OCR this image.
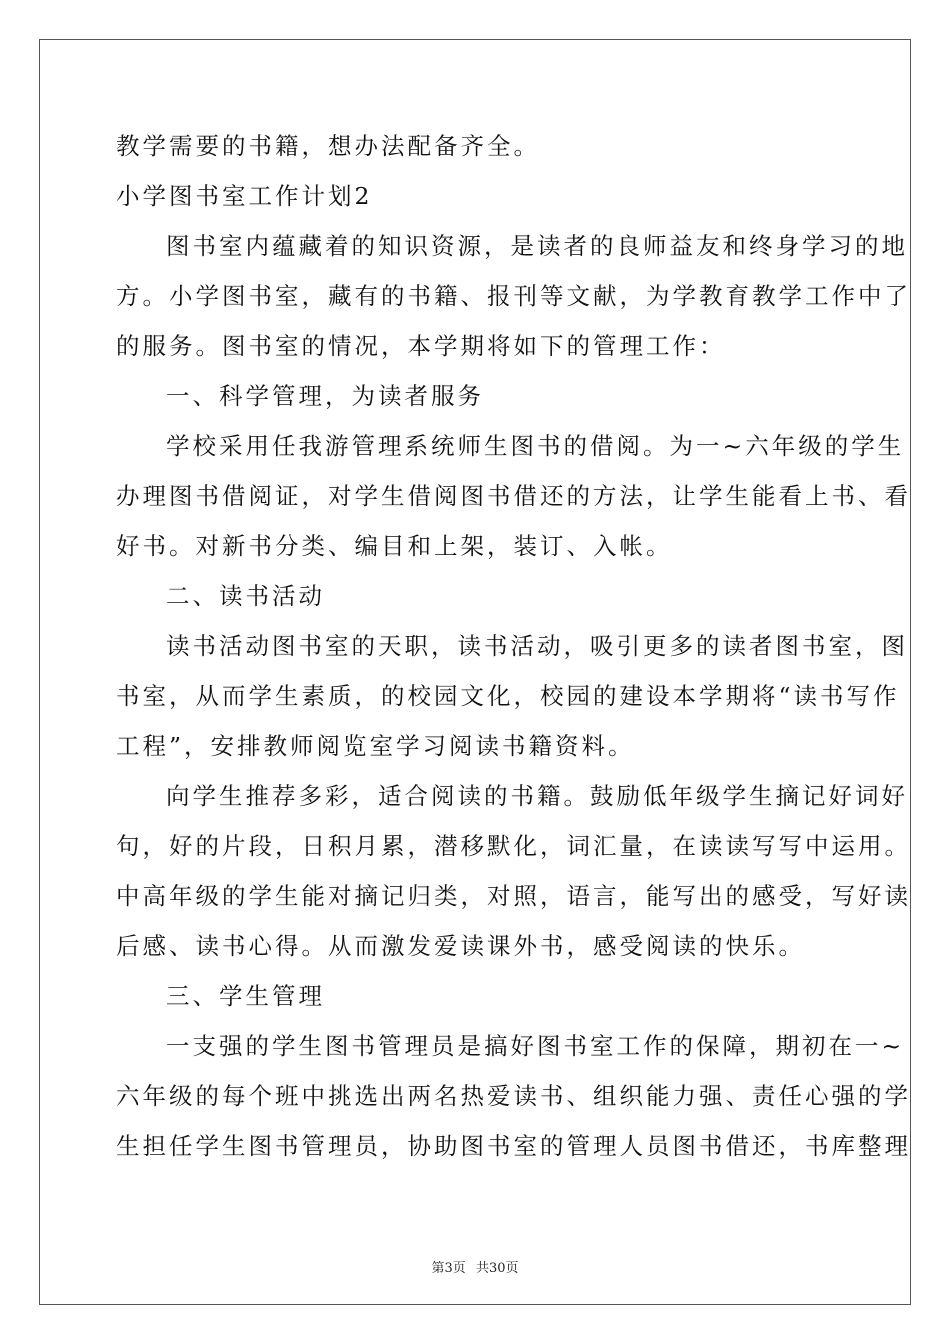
教学需要的书籍，想办法配备齐全。
小学图书室工作计划2
图书室内蕴藏着的知识资源，是读者的良师益友和终身学习的地
方。小学图书室，藏有的书籍、报刊等文献，为学教育教学工作中了
的服务。图书室的情况，本学期将如下的管理工作：
一、科学管理，为读者服务
学校采用任我游管理系统师生图书的借阅。为一~六年级的学生
办理图书借阅证，对学生借阅图书借还的方法，让学生能看上书、看
好书。对新书分类、编目和上架，装订、入帐。
二、读书活动
读书活动图书室的天职，读书活动，吸引更多的读者图书室，图
书室，从而学生素质，的校园文化，校园的建设本学期将“读书写作
工程”，安排教师阅览室学习阅读书籍资料。
向学生推荐多彩，适合阅读的书籍。鼓励低年级学生摘记好词好
句，好的片段，日积月累，潜移默化，词汇量，在读读写写中运用。
中高年级的学生能对摘记归类，对照，语言，能写出的感受，写好读
后感、读书心得。从而激发爱读课外书，感受阅读的快乐。
三、学生管理
一支强的学生图书管理员是搞好图书室工作的保障，期初在一~
六年级的每个班中挑选出两名热爱读书、组织能力强、责任心强的学
生担任学生图书管理员，协助图书室的管理人员图书借还，书库整理
第3页 共30页
